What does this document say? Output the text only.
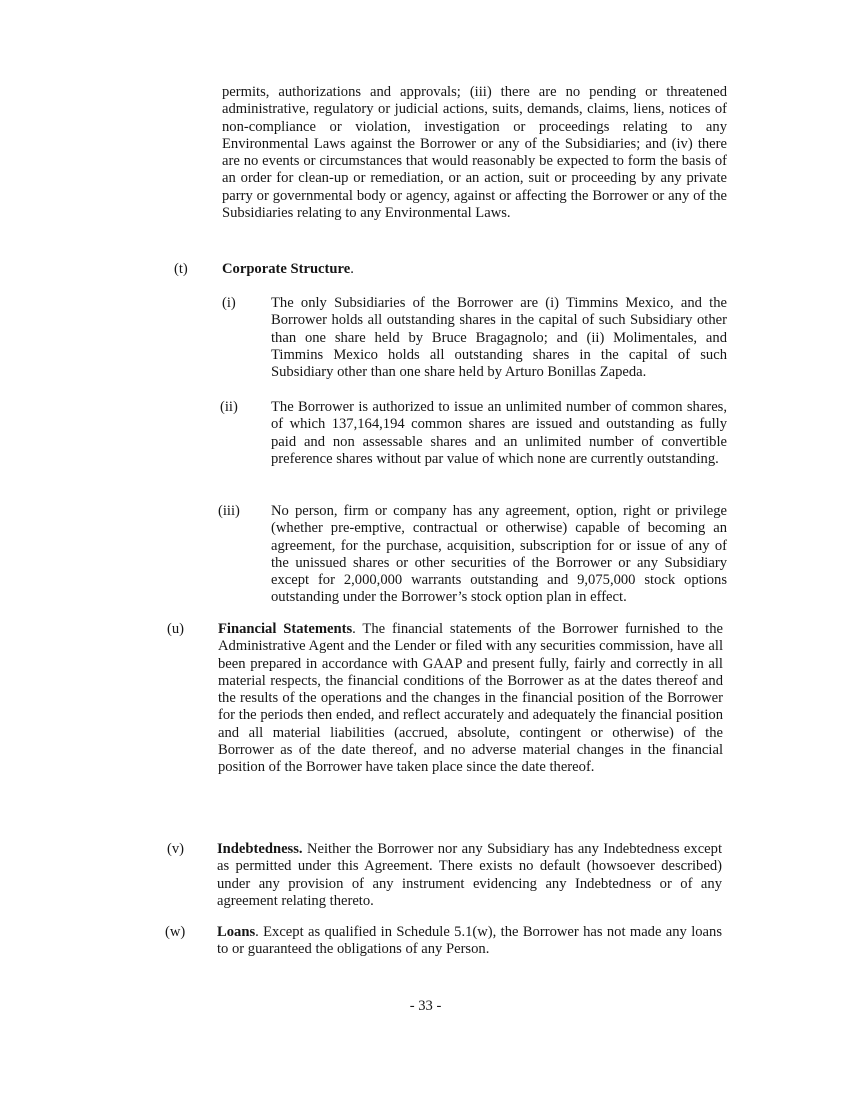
permits, authorizations and approvals; (iii) there are no pending or threatened administrative, regulatory or judicial actions, suits, demands, claims, liens, notices of non-compliance or violation, investigation or proceedings relating to any Environmental Laws against the Borrower or any of the Subsidiaries; and (iv) there are no events or circumstances that would reasonably be expected to form the basis of an order for clean-up or remediation, or an action, suit or proceeding by any private parry or governmental body or agency, against or affecting the Borrower or any of the Subsidiaries relating to any Environmental Laws.
(t) Corporate Structure.
(i) The only Subsidiaries of the Borrower are (i) Timmins Mexico, and the Borrower holds all outstanding shares in the capital of such Subsidiary other than one share held by Bruce Bragagnolo; and (ii) Molimentales, and Timmins Mexico holds all outstanding shares in the capital of such Subsidiary other than one share held by Arturo Bonillas Zapeda.
(ii) The Borrower is authorized to issue an unlimited number of common shares, of which 137,164,194 common shares are issued and outstanding as fully paid and non assessable shares and an unlimited number of convertible preference shares without par value of which none are currently outstanding.
(iii) No person, firm or company has any agreement, option, right or privilege (whether pre-emptive, contractual or otherwise) capable of becoming an agreement, for the purchase, acquisition, subscription for or issue of any of the unissued shares or other securities of the Borrower or any Subsidiary except for 2,000,000 warrants outstanding and 9,075,000 stock options outstanding under the Borrower’s stock option plan in effect.
(u) Financial Statements. The financial statements of the Borrower furnished to the Administrative Agent and the Lender or filed with any securities commission, have all been prepared in accordance with GAAP and present fully, fairly and correctly in all material respects, the financial conditions of the Borrower as at the dates thereof and the results of the operations and the changes in the financial position of the Borrower for the periods then ended, and reflect accurately and adequately the financial position and all material liabilities (accrued, absolute, contingent or otherwise) of the Borrower as of the date thereof, and no adverse material changes in the financial position of the Borrower have taken place since the date thereof.
(v) Indebtedness. Neither the Borrower nor any Subsidiary has any Indebtedness except as permitted under this Agreement. There exists no default (howsoever described) under any provision of any instrument evidencing any Indebtedness or of any agreement relating thereto.
(w) Loans. Except as qualified in Schedule 5.1(w), the Borrower has not made any loans to or guaranteed the obligations of any Person.
- 33 -
